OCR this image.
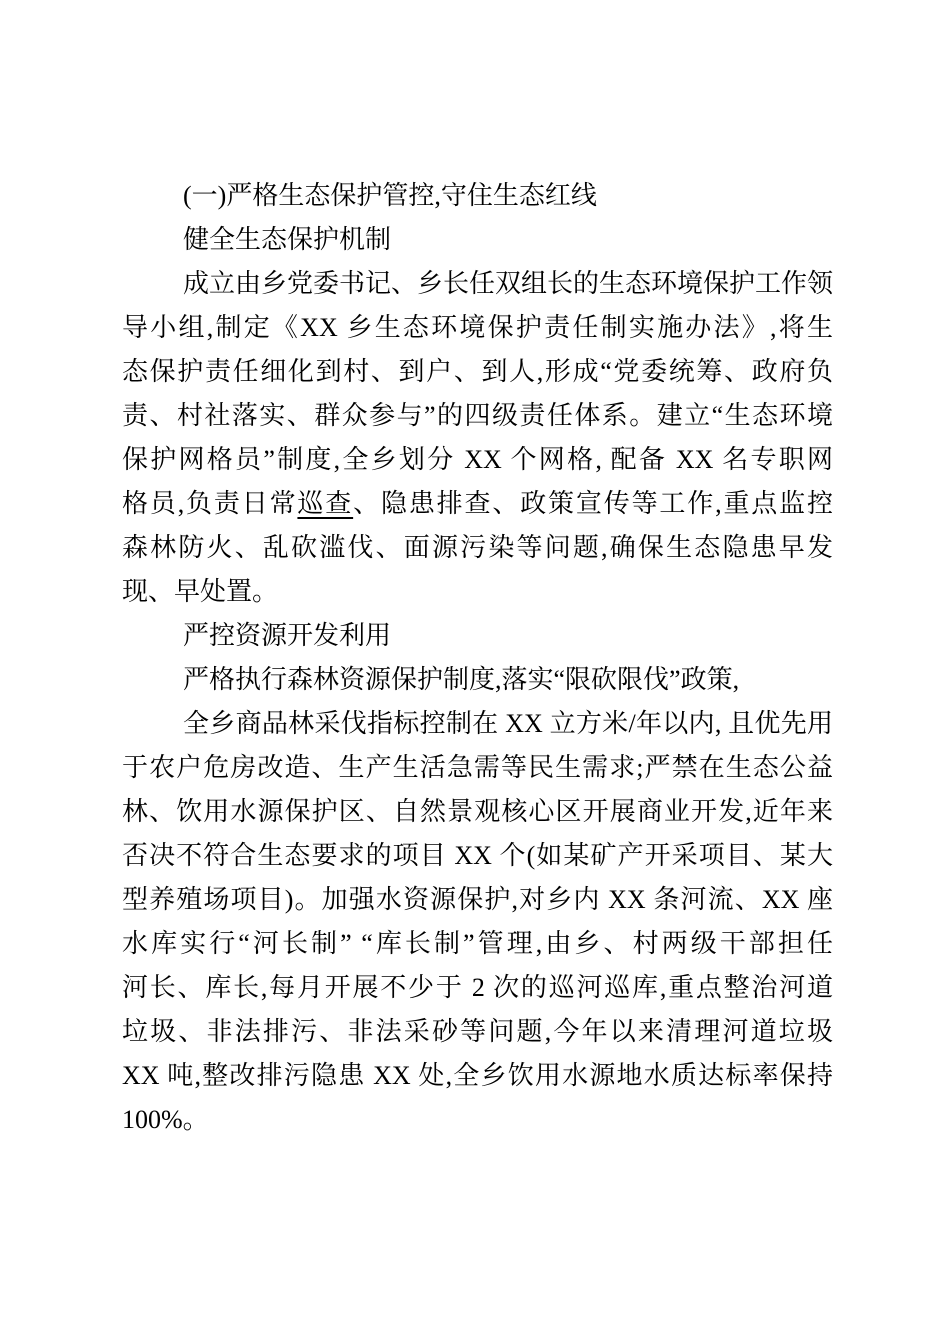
(一)严格生态保护管控,守住生态红线
健全生态保护机制
成立由乡党委书记、乡长任双组长的生态环境保护工作领
导小组,制定《XX 乡生态环境保护责任制实施办法》,将生
态保护责任细化到村、到户、到人,形成“党委统筹、政府负
责、村社落实、群众参与”的四级责任体系。建立“生态环境
保护网格员”制度,全乡划分 XX 个网格, 配备 XX 名专职网
格员,负责日常巡查、隐患排查、政策宣传等工作,重点监控
森林防火、乱砍滥伐、面源污染等问题,确保生态隐患早发
现、早处置。
严控资源开发利用
严格执行森林资源保护制度,落实“限砍限伐”政策,
全乡商品林采伐指标控制在 XX 立方米/年以内, 且优先用
于农户危房改造、生产生活急需等民生需求;严禁在生态公益
林、饮用水源保护区、自然景观核心区开展商业开发,近年来
否决不符合生态要求的项目 XX 个(如某矿产开采项目、某大
型养殖场项目)。加强水资源保护,对乡内 XX 条河流、XX 座
水库实行“河长制” “库长制”管理,由乡、村两级干部担任
河长、库长,每月开展不少于 2 次的巡河巡库,重点整治河道
垃圾、非法排污、非法采砂等问题,今年以来清理河道垃圾
XX 吨,整改排污隐患 XX 处,全乡饮用水源地水质达标率保持
100%。
